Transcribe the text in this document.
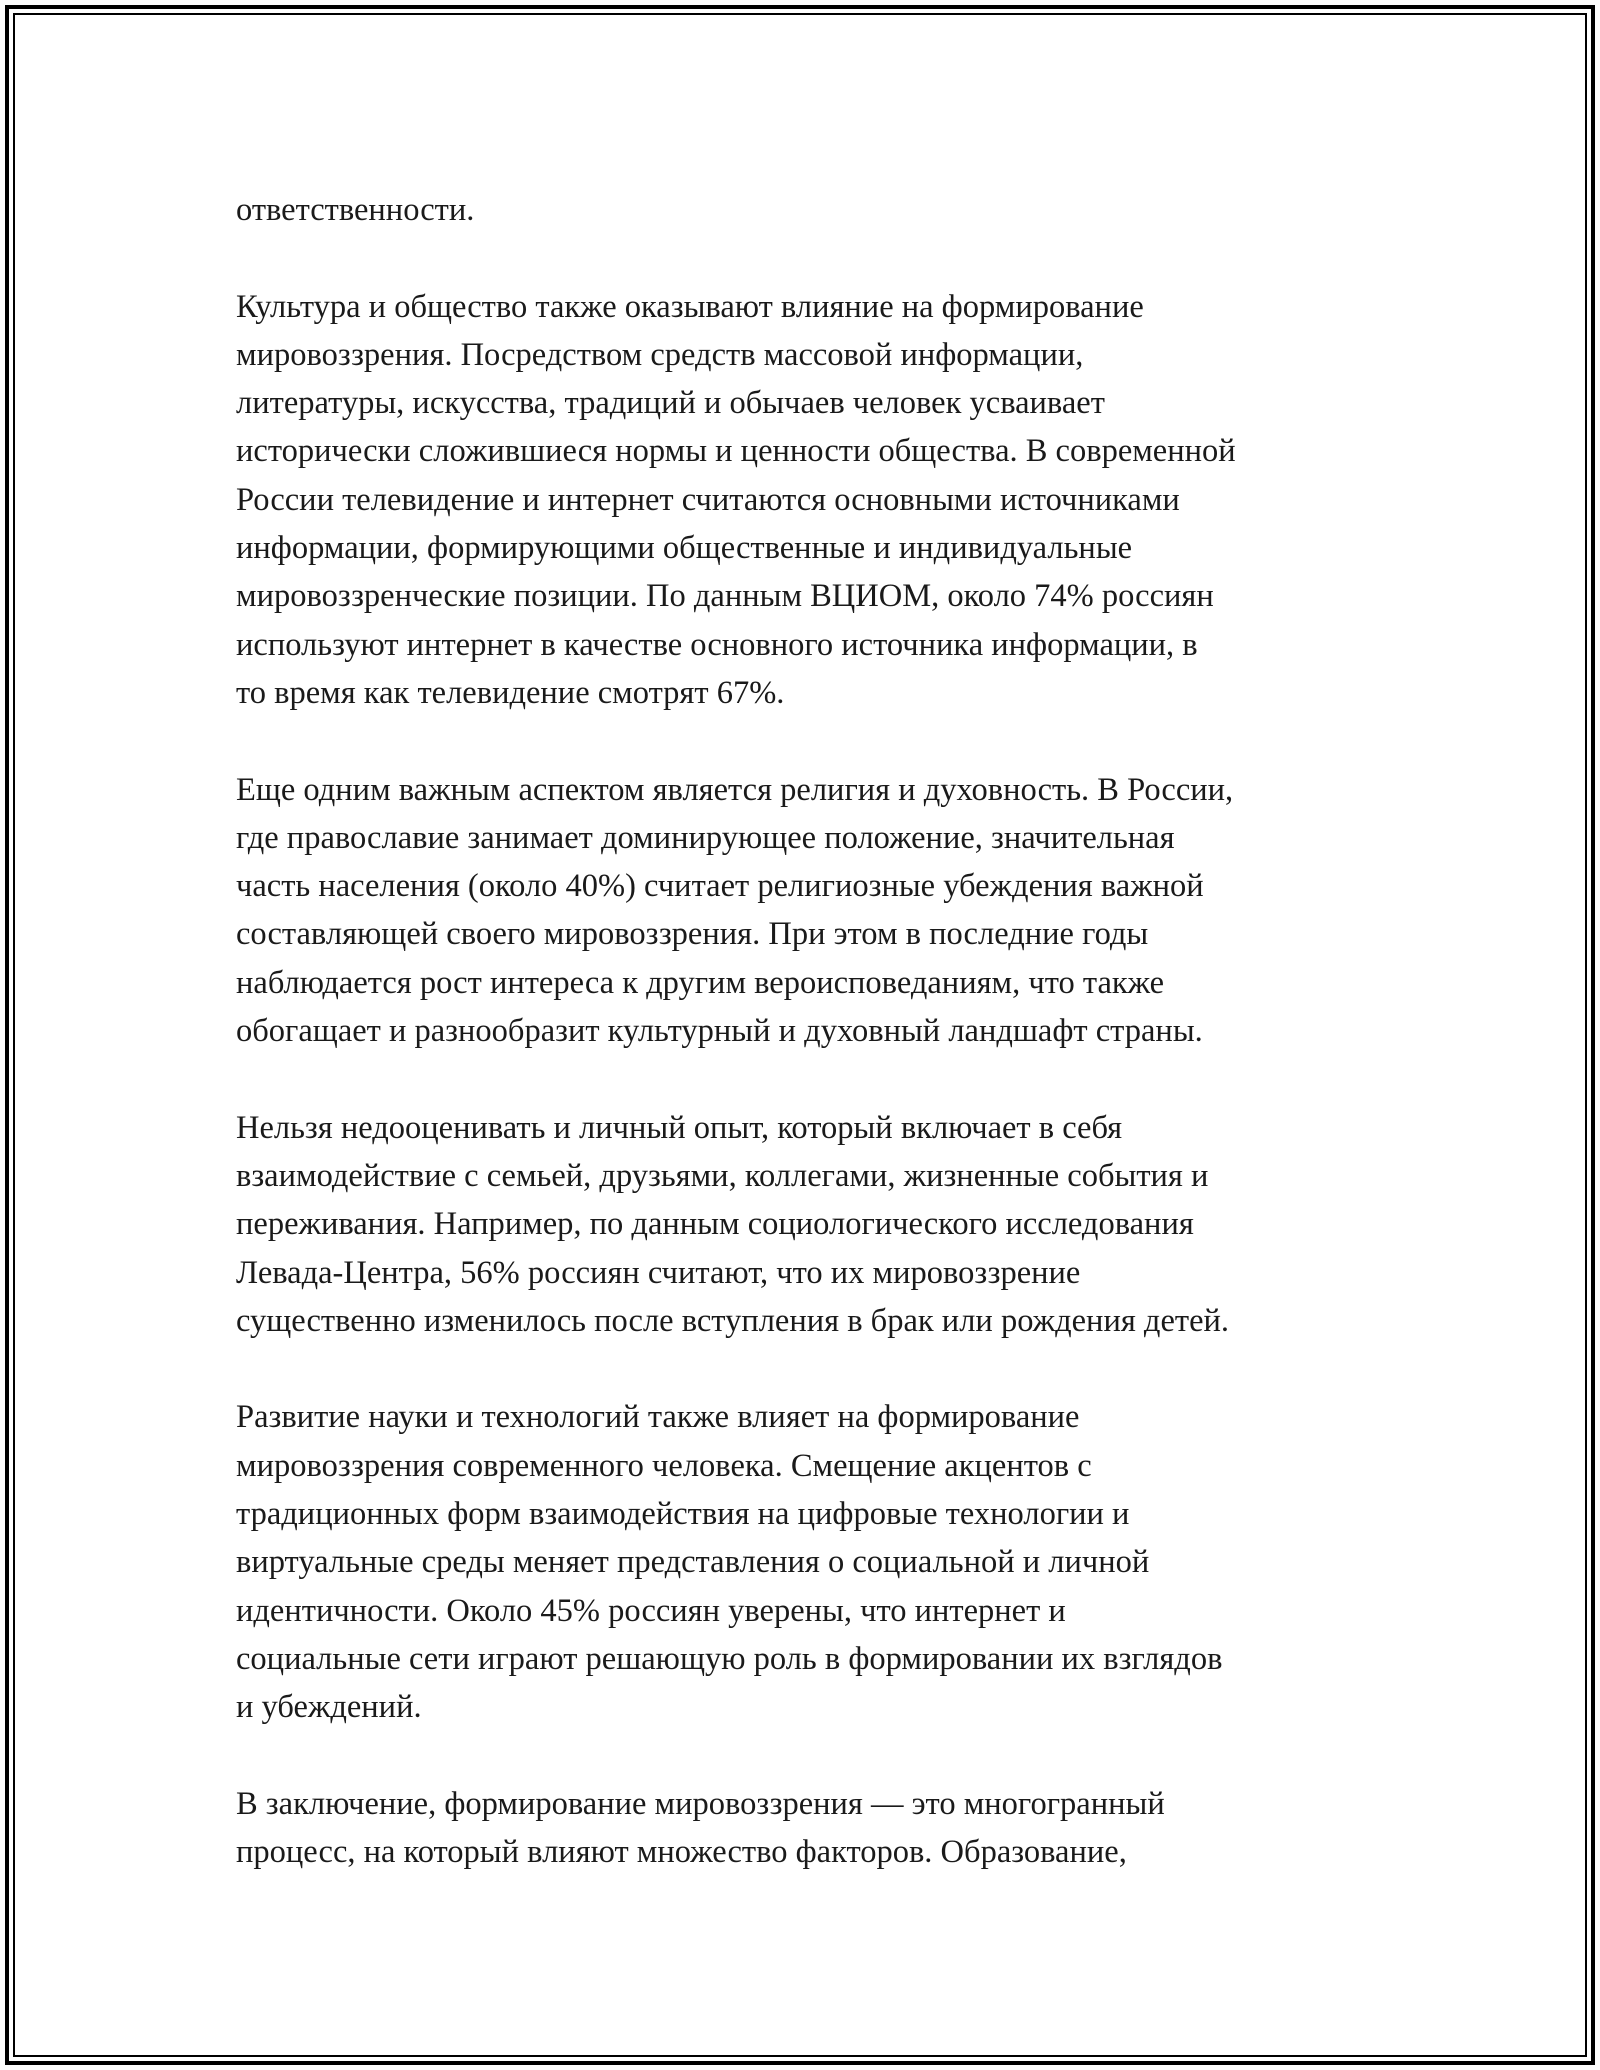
ответственности.

Культура и общество также оказывают влияние на формирование
мировоззрения. Посредством средств массовой информации,
литературы, искусства, традиций и обычаев человек усваивает
исторически сложившиеся нормы и ценности общества. В современной
России телевидение и интернет считаются основными источниками
информации, формирующими общественные и индивидуальные
мировоззренческие позиции. По данным ВЦИОМ, около 74% россиян
используют интернет в качестве основного источника информации, в
то время как телевидение смотрят 67%.

Еще одним важным аспектом является религия и духовность. В России,
где православие занимает доминирующее положение, значительная
часть населения (около 40%) считает религиозные убеждения важной
составляющей своего мировоззрения. При этом в последние годы
наблюдается рост интереса к другим вероисповеданиям, что также
обогащает и разнообразит культурный и духовный ландшафт страны.

Нельзя недооценивать и личный опыт, который включает в себя
взаимодействие с семьей, друзьями, коллегами, жизненные события и
переживания. Например, по данным социологического исследования
Левада-Центра, 56% россиян считают, что их мировоззрение
существенно изменилось после вступления в брак или рождения детей.

Развитие науки и технологий также влияет на формирование
мировоззрения современного человека. Смещение акцентов с
традиционных форм взаимодействия на цифровые технологии и
виртуальные среды меняет представления о социальной и личной
идентичности. Около 45% россиян уверены, что интернет и
социальные сети играют решающую роль в формировании их взглядов
и убеждений.

В заключение, формирование мировоззрения — это многогранный
процесс, на который влияют множество факторов. Образование,
